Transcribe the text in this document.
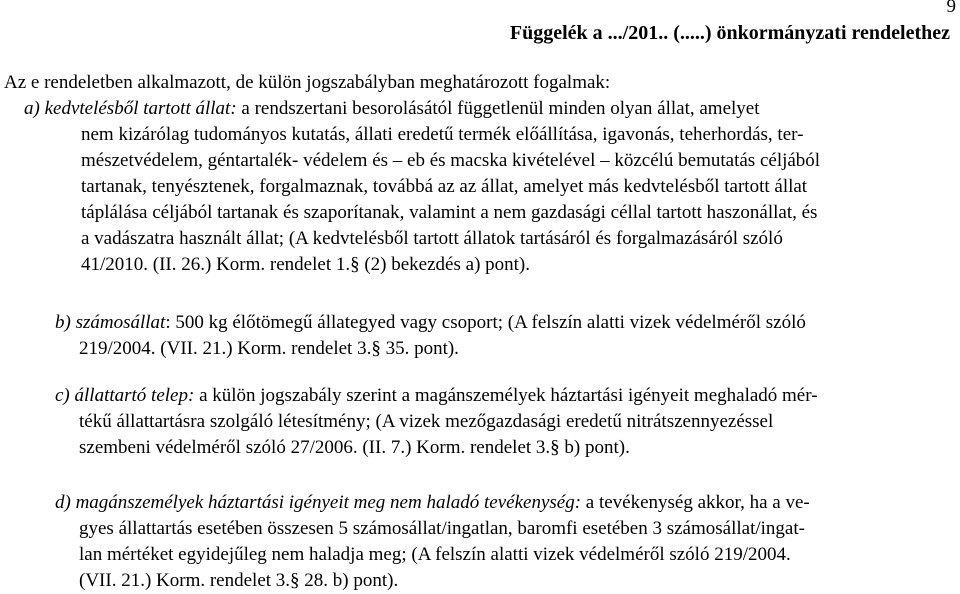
9
Függelék a .../201.. (.....) önkormányzati rendelethez
Az e rendeletben alkalmazott, de külön jogszabályban meghatározott fogalmak:
a) kedvtelésből tartott állat: a rendszertani besorolásától függetlenül minden olyan állat, amelyet
nem kizárólag tudományos kutatás, állati eredetű termék előállítása, igavonás, teherhordás, ter-
mészetvédelem, géntartalék- védelem és – eb és macska kivételével – közcélú bemutatás céljából
tartanak, tenyésztenek, forgalmaznak, továbbá az az állat, amelyet más kedvtelésből tartott állat
táplálása céljából tartanak és szaporítanak, valamint a nem gazdasági céllal tartott haszonállat, és
a vadászatra használt állat; (A kedvtelésből tartott állatok tartásáról és forgalmazásáról szóló
41/2010. (II. 26.) Korm. rendelet 1.§ (2) bekezdés a) pont).
b) számosállat: 500 kg élőtömegű állategyed vagy csoport; (A felszín alatti vizek védelméről szóló
219/2004. (VII. 21.) Korm. rendelet 3.§ 35. pont).
c) állattartó telep: a külön jogszabály szerint a magánszemélyek háztartási igényeit meghaladó mér-
tékű állattartásra szolgáló létesítmény; (A vizek mezőgazdasági eredetű nitrátszennyezéssel
szembeni védelméről szóló 27/2006. (II. 7.) Korm. rendelet 3.§ b) pont).
d) magánszemélyek háztartási igényeit meg nem haladó tevékenység: a tevékenység akkor, ha a ve-
gyes állattartás esetében összesen 5 számosállat/ingatlan, baromfi esetében 3 számosállat/ingat-
lan mértéket egyidejűleg nem haladja meg; (A felszín alatti vizek védelméről szóló 219/2004.
(VII. 21.) Korm. rendelet 3.§ 28. b) pont).
